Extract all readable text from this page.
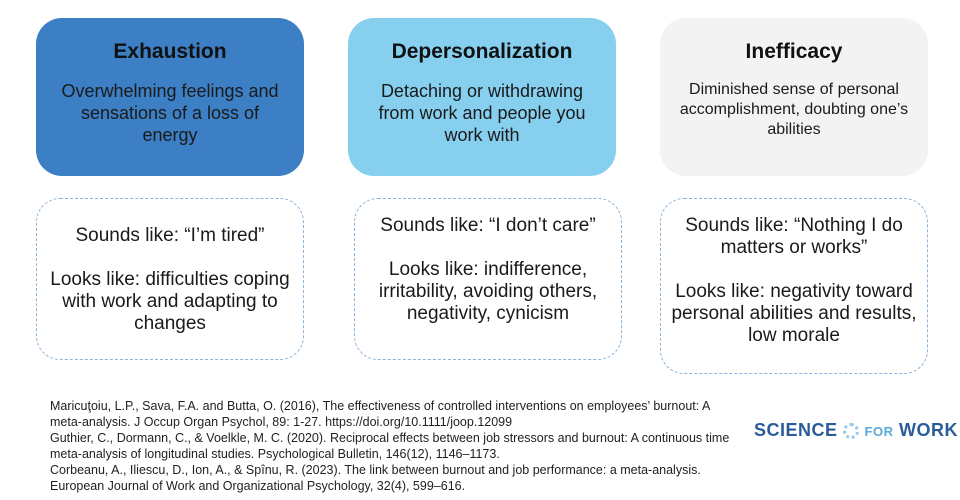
Exhaustion

Overwhelming feelings and sensations of a loss of energy

Depersonalization

Detaching or withdrawing from work and people you work with

Inefficacy

Diminished sense of personal accomplishment, doubting one’s abilities

Sounds like: “I’m tired”
Looks like: difficulties coping with work and adapting to changes
Sounds like: “I don’t care”
Looks like: indifference, irritability, avoiding others, negativity, cynicism
Sounds like: “Nothing I do matters or works”
Looks like: negativity toward personal abilities and results, low morale
Maricuţoiu, L.P., Sava, F.A. and Butta, O. (2016), The effectiveness of controlled interventions on employees’ burnout: A meta-analysis. J Occup Organ Psychol, 89: 1-27. https://doi.org/10.1111/joop.12099
Guthier, C., Dormann, C., & Voelkle, M. C. (2020). Reciprocal effects between job stressors and burnout: A continuous time meta-analysis of longitudinal studies. Psychological Bulletin, 146(12), 1146–1173.
Corbeanu, A., Iliescu, D., Ion, A., & Spînu, R. (2023). The link between burnout and job performance: a meta-analysis. European Journal of Work and Organizational Psychology, 32(4), 599–616.
SCIENCE FOR WORK
